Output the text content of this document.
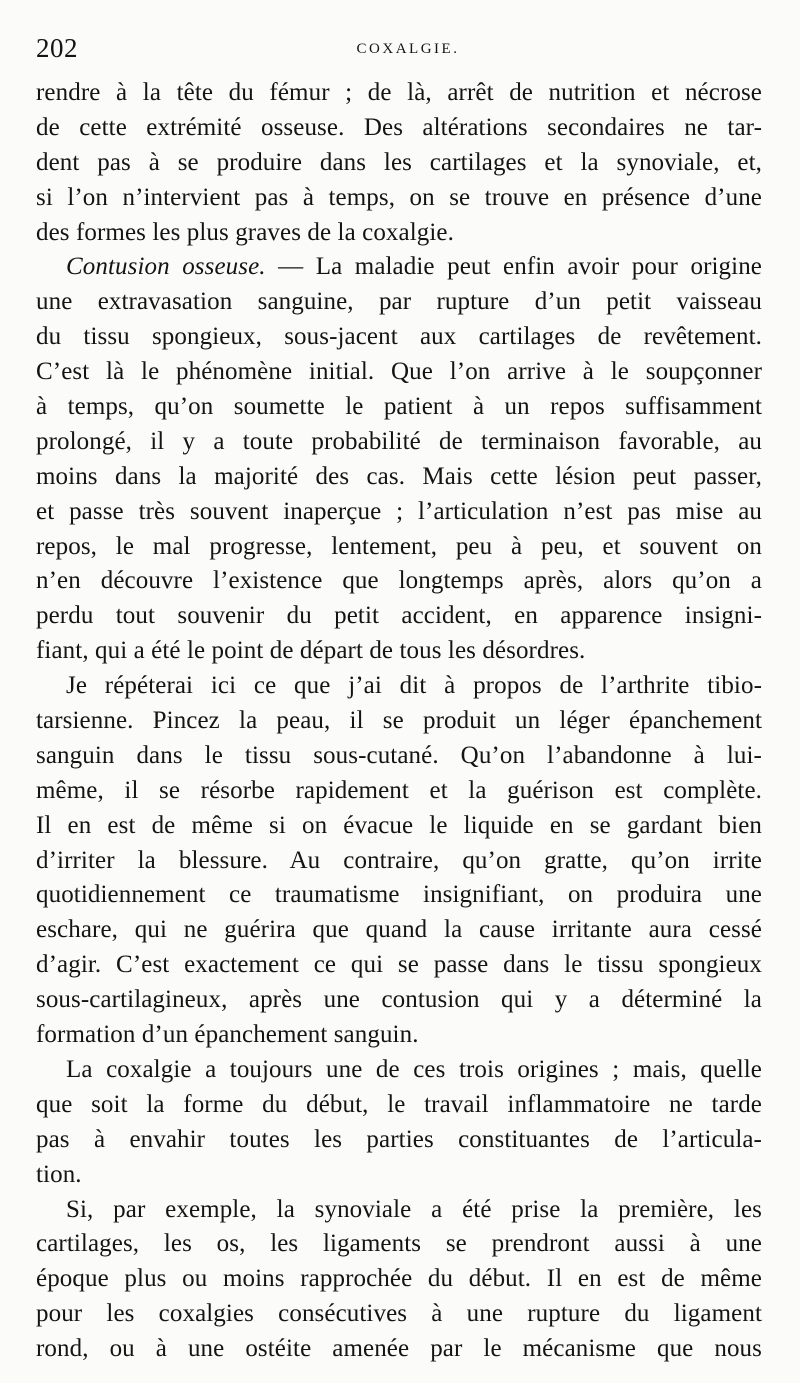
202	COXALGIE.
rendre à la tête du fémur ; de là, arrêt de nutrition et nécrose
de cette extrémité osseuse. Des altérations secondaires ne tar-
dent pas à se produire dans les cartilages et la synoviale, et,
si l’on n’intervient pas à temps, on se trouve en présence d’une
des formes les plus graves de la coxalgie.
Contusion osseuse. — La maladie peut enfin avoir pour origine
une extravasation sanguine, par rupture d’un petit vaisseau
du tissu spongieux, sous-jacent aux cartilages de revêtement.
C’est là le phénomène initial. Que l’on arrive à le soupçonner
à temps, qu’on soumette le patient à un repos suffisamment
prolongé, il y a toute probabilité de terminaison favorable, au
moins dans la majorité des cas. Mais cette lésion peut passer,
et passe très souvent inaperçue ; l’articulation n’est pas mise au
repos, le mal progresse, lentement, peu à peu, et souvent on
n’en découvre l’existence que longtemps après, alors qu’on a
perdu tout souvenir du petit accident, en apparence insigni-
fiant, qui a été le point de départ de tous les désordres.
Je répéterai ici ce que j’ai dit à propos de l’arthrite tibio-
tarsienne. Pincez la peau, il se produit un léger épanchement
sanguin dans le tissu sous-cutané. Qu’on l’abandonne à lui-
même, il se résorbe rapidement et la guérison est complète.
Il en est de même si on évacue le liquide en se gardant bien
d’irriter la blessure. Au contraire, qu’on gratte, qu’on irrite
quotidiennement ce traumatisme insignifiant, on produira une
eschare, qui ne guérira que quand la cause irritante aura cessé
d’agir. C’est exactement ce qui se passe dans le tissu spongieux
sous-cartilagineux, après une contusion qui y a déterminé la
formation d’un épanchement sanguin.
La coxalgie a toujours une de ces trois origines ; mais, quelle
que soit la forme du début, le travail inflammatoire ne tarde
pas à envahir toutes les parties constituantes de l’articula-
tion.
Si, par exemple, la synoviale a été prise la première, les
cartilages, les os, les ligaments se prendront aussi à une
époque plus ou moins rapprochée du début. Il en est de même
pour les coxalgies consécutives à une rupture du ligament
rond, ou à une ostéite amenée par le mécanisme que nous
